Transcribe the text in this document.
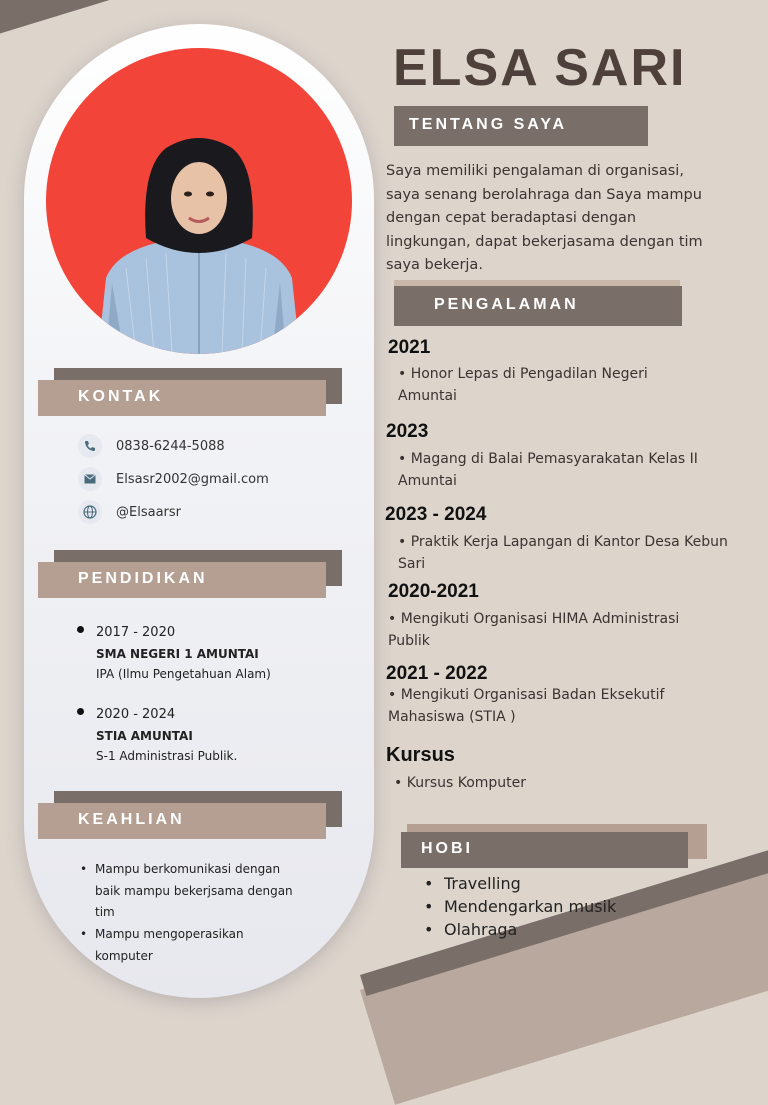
KONTAK
0838-6244-5088
Elsasr2002@gmail.com
@Elsaarsr
PENDIDIKAN
2017 - 2020
SMA NEGERI 1 AMUNTAI
IPA (Ilmu Pengetahuan Alam)
2020 - 2024
STIA AMUNTAI
S-1 Administrasi Publik.
KEAHLIAN
• Mampu berkomunikasi dengan
baik mampu bekerjsama dengan
tim
• Mampu mengoperasikan
komputer
ELSA SARI
TENTANG SAYA
Saya memiliki pengalaman di organisasi,
saya senang berolahraga dan Saya mampu
dengan cepat beradaptasi dengan
lingkungan, dapat bekerjasama dengan tim
saya bekerja.
PENGALAMAN
2021
• Honor Lepas di Pengadilan Negeri
Amuntai
2023
• Magang di Balai Pemasyarakatan Kelas II
Amuntai
2023 - 2024
• Praktik Kerja Lapangan di Kantor Desa Kebun
Sari
2020-2021
• Mengikuti Organisasi HIMA Administrasi
Publik
2021 - 2022
• Mengikuti Organisasi Badan Eksekutif
Mahasiswa (STIA )
Kursus
• Kursus Komputer
HOBI
• Travelling
• Mendengarkan musik
• Olahraga
